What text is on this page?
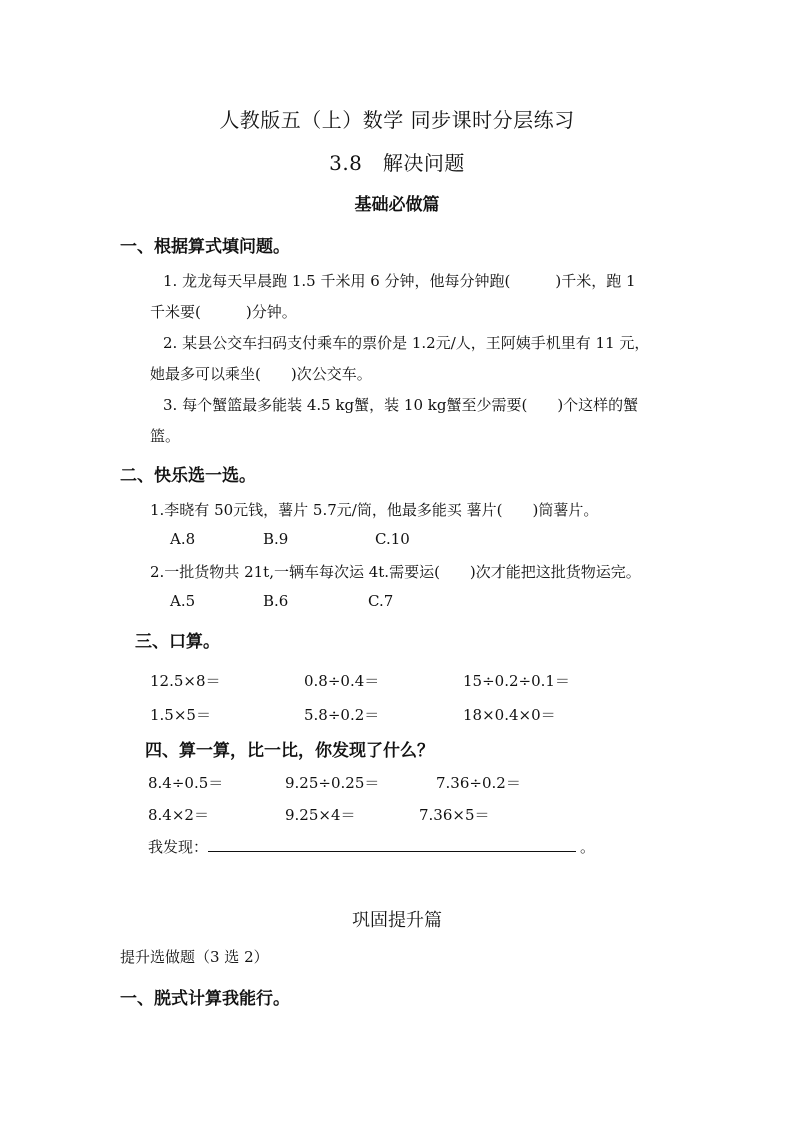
人教版五（上）数学 同步课时分层练习
3.8　解决问题
基础必做篇
一、根据算式填问题。
1. 龙龙每天早晨跑 1.5 千米用 6 分钟，他每分钟跑(　　　)千米，跑 1
千米要(　　　)分钟。
2. 某县公交车扫码支付乘车的票价是 1.2元/人，王阿姨手机里有 11 元，
她最多可以乘坐(　　)次公交车。
3. 每个蟹篮最多能装 4.5 kg蟹，装 10 kg蟹至少需要(　　)个这样的蟹
篮。
二、快乐选一选。
1.李晓有 50元钱，薯片 5.7元/筒，他最多能买 薯片(　　)筒薯片。
A.8	B.9	C.10
2.一批货物共 21t,一辆车每次运 4t.需要运(　　)次才能把这批货物运完。
A.5	B.6	C.7
三、口算。
12.5×8＝	0.8÷0.4＝	15÷0.2÷0.1＝
1.5×5＝	5.8÷0.2＝	18×0.4×0＝
四、算一算，比一比，你发现了什么？
8.4÷0.5＝	9.25÷0.25＝	7.36÷0.2＝
8.4×2＝	9.25×4＝	7.36×5＝
我发现：	。
巩固提升篇
提升选做题（3 选 2）
一、脱式计算我能行。
